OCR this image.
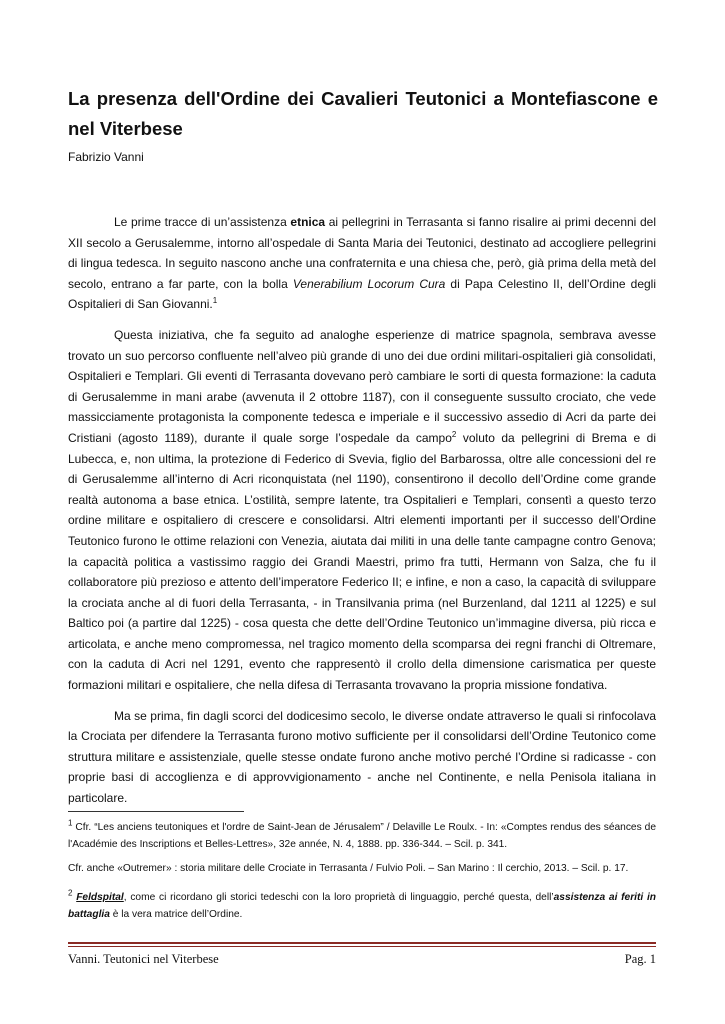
La presenza dell'Ordine dei Cavalieri Teutonici a Montefiascone e nel Viterbese
Fabrizio Vanni

Le prime tracce di un’assistenza etnica ai pellegrini in Terrasanta si fanno risalire ai primi decenni del XII secolo a Gerusalemme, intorno all’ospedale di Santa Maria dei Teutonici, destinato ad accogliere pellegrini di lingua tedesca. In seguito nascono anche una confraternita e una chiesa che, però, già prima della metà del secolo, entrano a far parte, con la bolla Venerabilium Locorum Cura di Papa Celestino II, dell’Ordine degli Ospitalieri di San Giovanni.$^1$

Questa iniziativa, che fa seguito ad analoghe esperienze di matrice spagnola, sembrava avesse trovato un suo percorso confluente nell’alveo più grande di uno dei due ordini militari-ospitalieri già consolidati, Ospitalieri e Templari. Gli eventi di Terrasanta dovevano però cambiare le sorti di questa formazione: la caduta di Gerusalemme in mani arabe (avvenuta il 2 ottobre 1187), con il conseguente sussulto crociato, che vede massicciamente protagonista la componente tedesca e imperiale e il successivo assedio di Acri da parte dei Cristiani (agosto 1189), durante il quale sorge l’ospedale da campo$^2$ voluto da pellegrini di Brema e di Lubecca, e, non ultima, la protezione di Federico di Svevia, figlio del Barbarossa, oltre alle concessioni del re di Gerusalemme all’interno di Acri riconquistata (nel 1190), consentirono il decollo dell’Ordine come grande realtà autonoma a base etnica. L’ostilità, sempre latente, tra Ospitalieri e Templari, consentì a questo terzo ordine militare e ospitaliero di crescere e consolidarsi. Altri elementi importanti per il successo dell’Ordine Teutonico furono le ottime relazioni con Venezia, aiutata dai militi in una delle tante campagne contro Genova; la capacità politica a vastissimo raggio dei Grandi Maestri, primo fra tutti, Hermann von Salza, che fu il collaboratore più prezioso e attento dell’imperatore Federico II; e infine, e non a caso, la capacità di sviluppare la crociata anche al di fuori della Terrasanta, - in Transilvania prima (nel Burzenland, dal 1211 al 1225) e sul Baltico poi (a partire dal 1225) - cosa questa che dette dell’Ordine Teutonico un’immagine diversa, più ricca e articolata, e anche meno compromessa, nel tragico momento della scomparsa dei regni franchi di Oltremare, con la caduta di Acri nel 1291, evento che rappresentò il crollo della dimensione carismatica per queste formazioni militari e ospitaliere, che nella difesa di Terrasanta trovavano la propria missione fondativa.

Ma se prima, fin dagli scorci del dodicesimo secolo, le diverse ondate attraverso le quali si rinfocolava la Crociata per difendere la Terrasanta furono motivo sufficiente per il consolidarsi dell’Ordine Teutonico come struttura militare e assistenziale, quelle stesse ondate furono anche motivo perché l’Ordine si radicasse - con proprie basi di accoglienza e di approvvigionamento - anche nel Continente, e nella Penisola italiana in particolare.

$^1$ Cfr. “Les anciens teutoniques et l'ordre de Saint-Jean de Jérusalem” / Delaville Le Roulx. - In: «Comptes rendus des séances de l'Académie des Inscriptions et Belles-Lettres», 32e année, N. 4, 1888. pp. 336-344. – Scil. p. 341.

Cfr. anche «Outremer» : storia militare delle Crociate in Terrasanta / Fulvio Poli. – San Marino : Il cerchio, 2013. – Scil. p. 17.

$^2$ Feldspital, come ci ricordano gli storici tedeschi con la loro proprietà di linguaggio, perché questa, dell’assistenza ai feriti in battaglia è la vera matrice dell’Ordine.

Vanni. Teutonici nel Viterbese	Pag. 1
